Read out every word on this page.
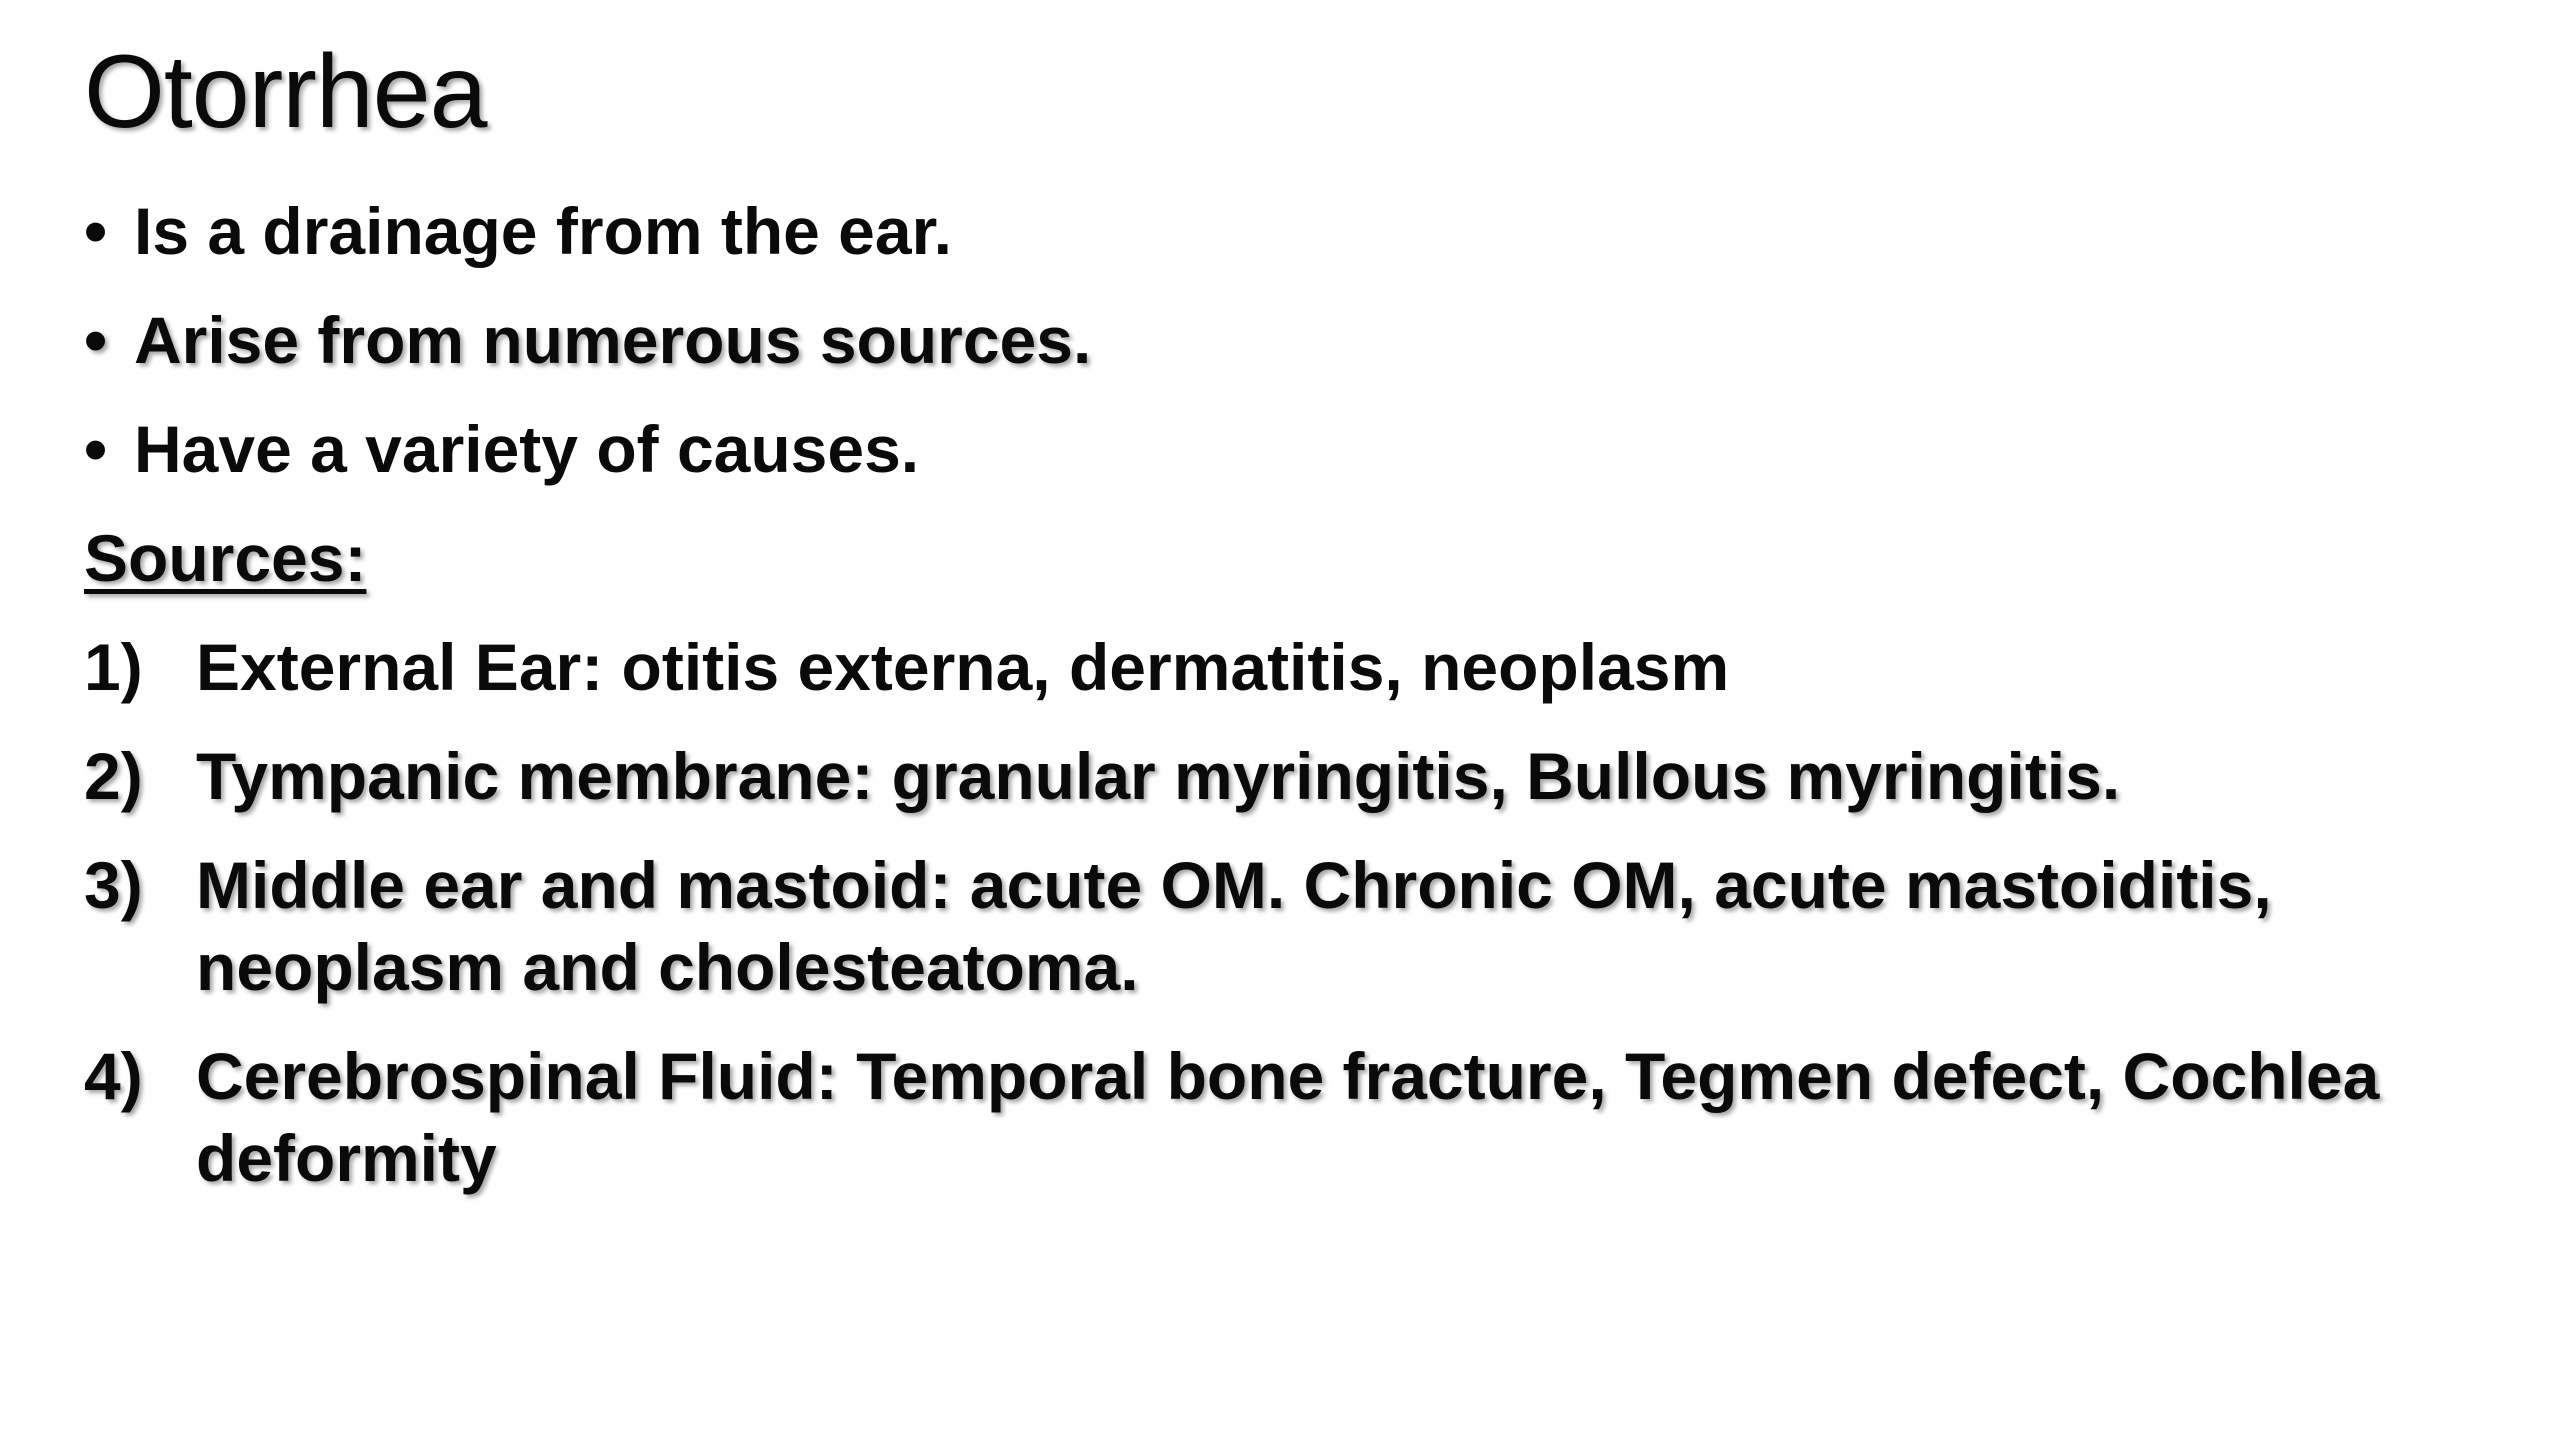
Otorrhea
• Is a drainage from the ear.
• Arise from numerous sources.
• Have a variety of causes.
Sources:
1) External Ear: otitis externa, dermatitis, neoplasm
2) Tympanic membrane: granular myringitis, Bullous myringitis.
3) Middle ear and mastoid: acute OM. Chronic OM, acute mastoiditis, neoplasm and cholesteatoma.
4) Cerebrospinal Fluid: Temporal bone fracture, Tegmen defect, Cochlea deformity
